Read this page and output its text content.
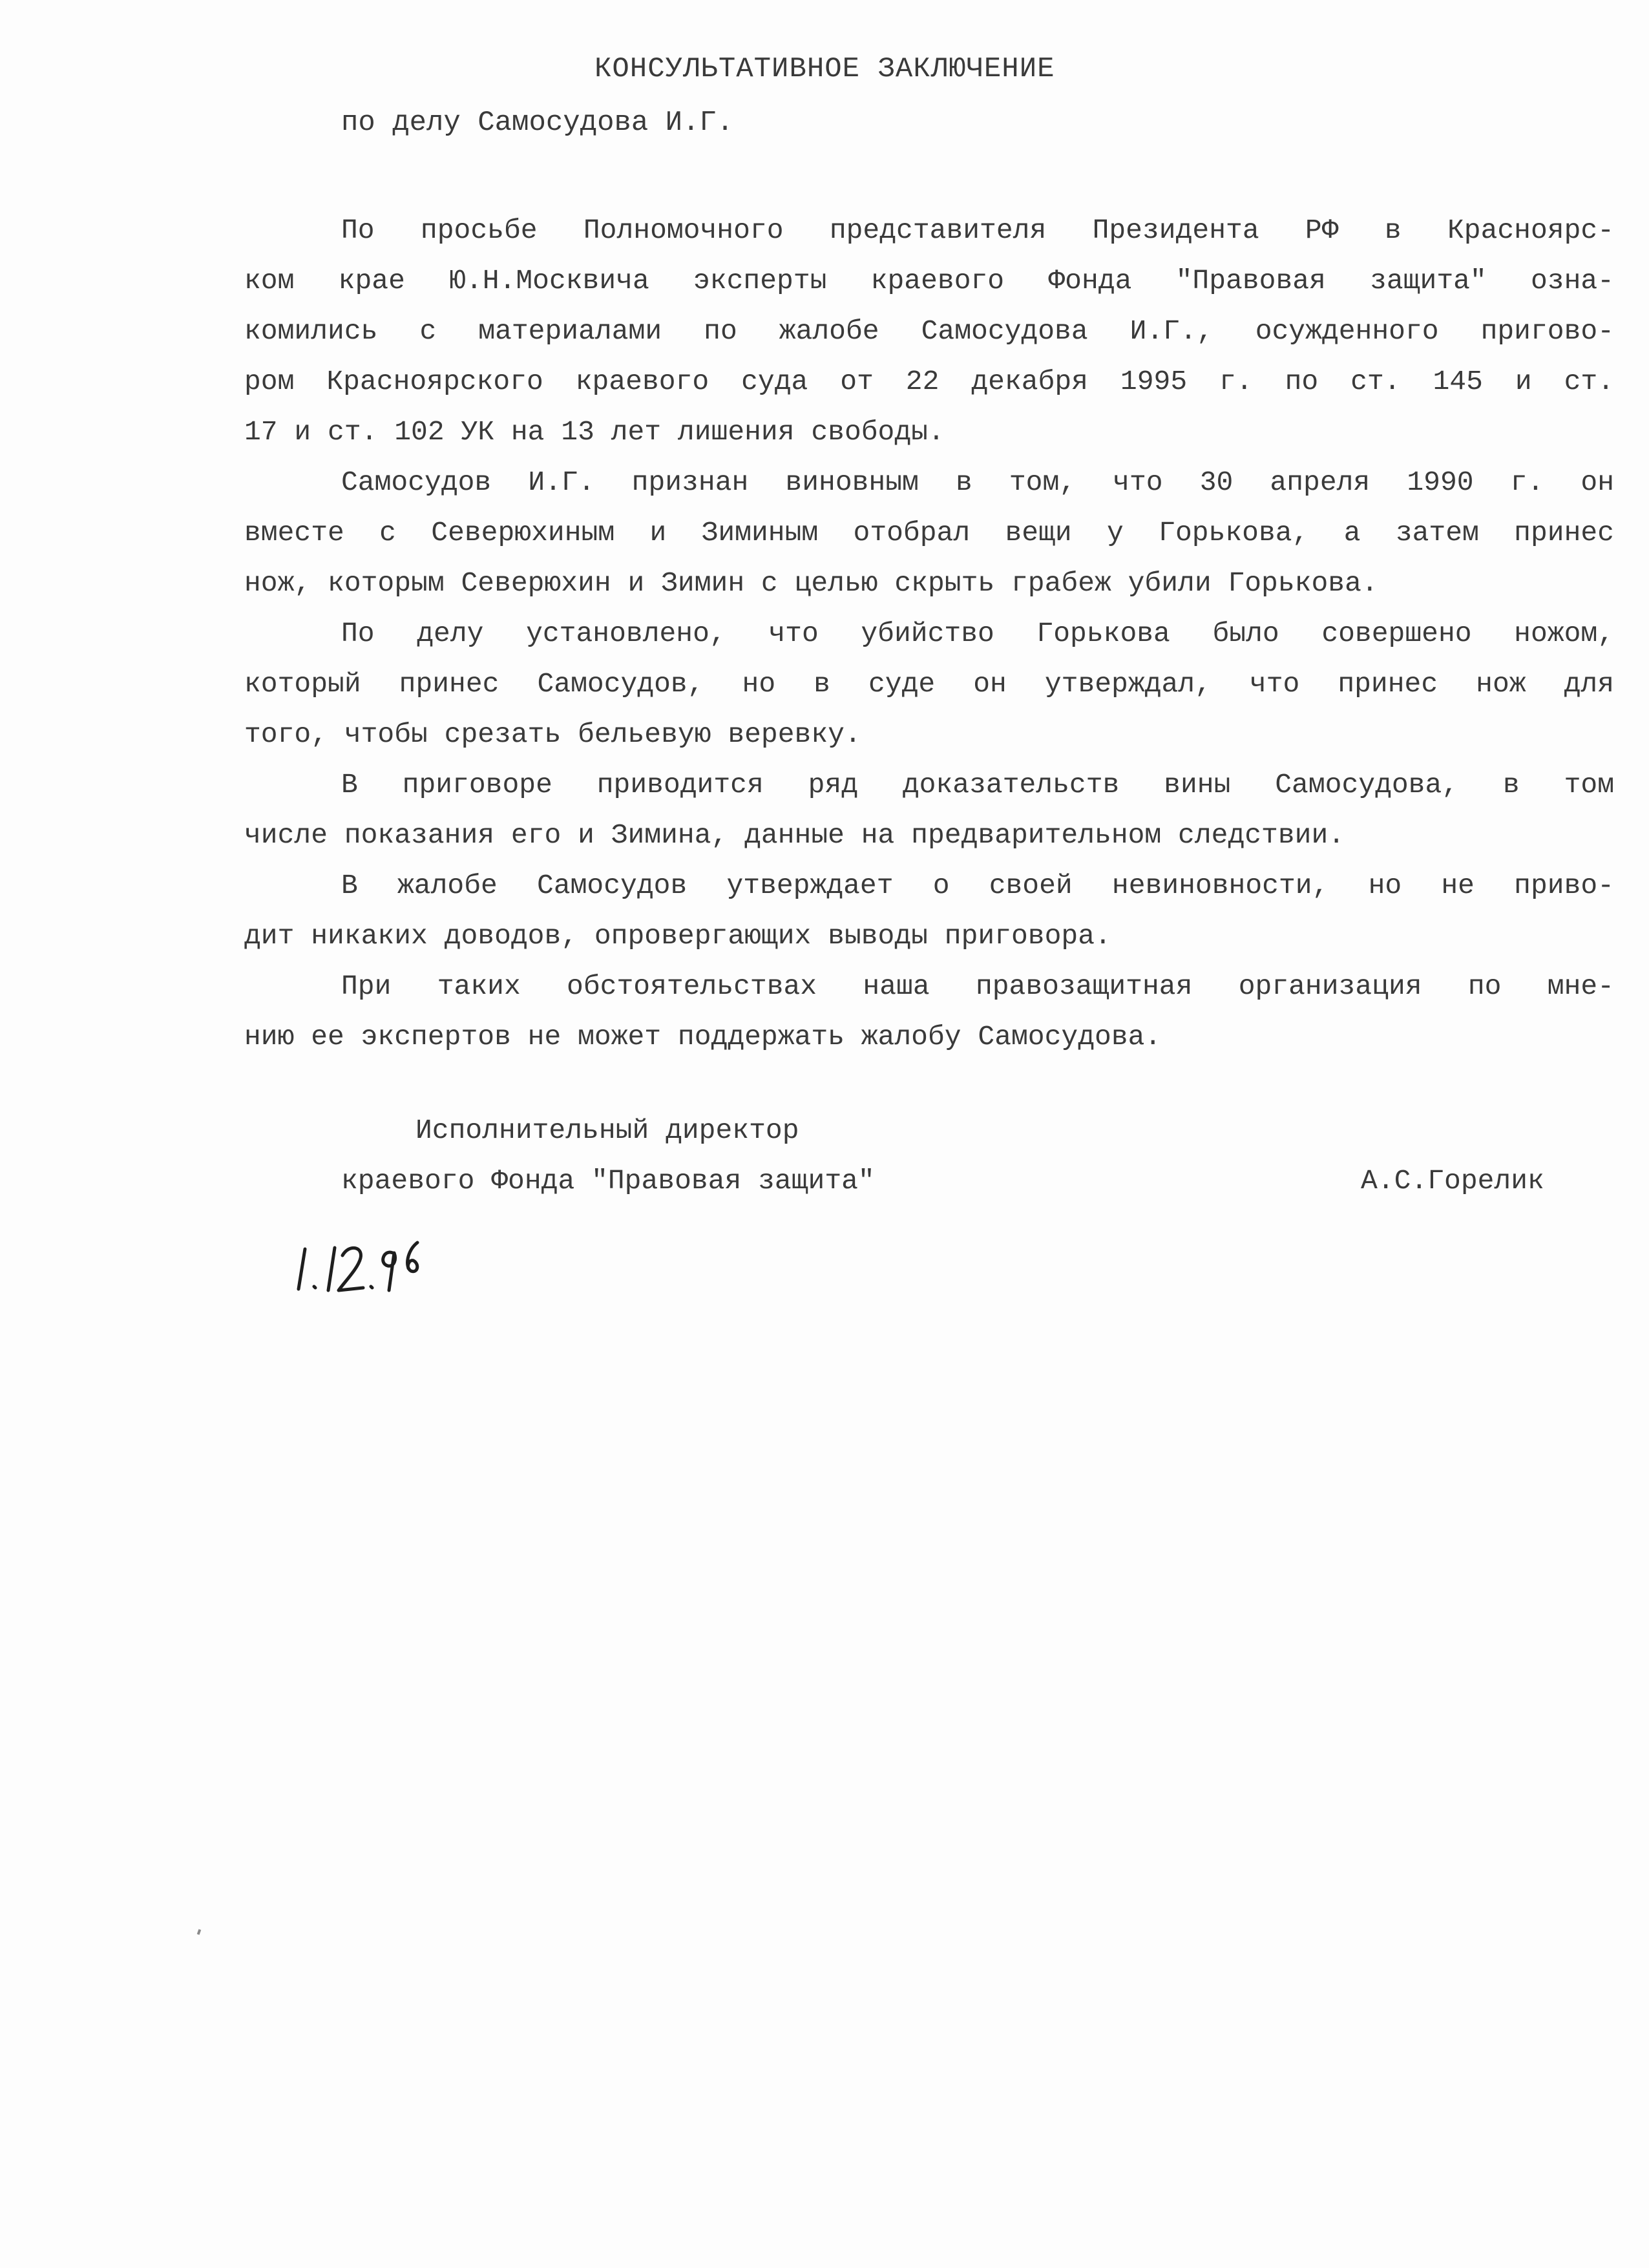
КОНСУЛЬТАТИВНОЕ ЗАКЛЮЧЕНИЕ
по делу Самосудова И.Г.
По просьбе Полномочного представителя Президента РФ в Красноярс-
ком крае Ю.Н.Москвича эксперты краевого Фонда "Правовая защита" озна-
комились с материалами по жалобе Самосудова И.Г., осужденного пригово-
ром Красноярского краевого суда от 22 декабря 1995 г. по ст. 145 и ст.
17 и ст. 102 УК на 13 лет лишения свободы.
Самосудов И.Г. признан виновным в том, что 30 апреля 1990 г. он
вместе с Северюхиным и Зиминым отобрал вещи у Горькова, а затем принес
нож, которым Северюхин и Зимин с целью скрыть грабеж убили Горькова.
По делу установлено, что убийство Горькова было совершено ножом,
который принес Самосудов, но в суде он утверждал, что принес нож для
того, чтобы срезать бельевую веревку.
В приговоре приводится ряд доказательств вины Самосудова, в том
числе показания его и Зимина, данные на предварительном следствии.
В жалобе Самосудов утверждает о своей невиновности, но не приво-
дит никаких доводов, опровергающих выводы приговора.
При таких обстоятельствах наша правозащитная организация по мне-
нию ее экспертов не может поддержать жалобу Самосудова.
Исполнительный директор
краевого Фонда "Правовая защита"	А.С.Горелик
